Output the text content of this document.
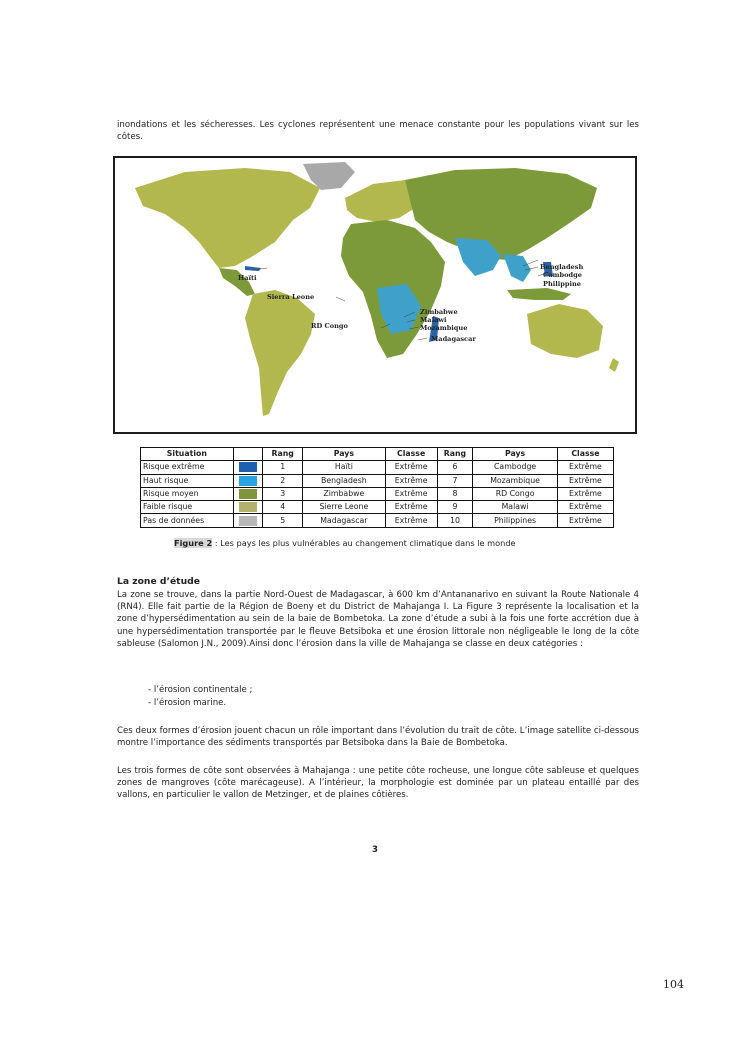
inondations et les sécheresses. Les cyclones représentent une menace constante pour les populations vivant sur les côtes.
Haïti
Sierra Leone
RD Congo
Zimbabwe
Malawi
Mozambique
Madagascar
Bengladesh
Cambodge
Philippine
Situation		Rang	Pays	Classe	Rang	Pays	Classe
Risque extrême		1	Haïti	Extrême	6	Cambodge	Extrême
Haut risque		2	Bengladesh	Extrême	7	Mozambique	Extrême
Risque moyen		3	Zimbabwe	Extrême	8	RD Congo	Extrême
Faible risque		4	Sierre Leone	Extrême	9	Malawi	Extrême
Pas de données		5	Madagascar	Extrême	10	Philippines	Extrême
Figure 2 : Les pays les plus vulnérables au changement climatique dans le monde
La zone d’étude
La zone se trouve, dans la partie Nord-Ouest de Madagascar, à 600 km d’Antananarivo en suivant la Route Nationale 4 (RN4). Elle fait partie de la Région de Boeny et du District de Mahajanga I. La Figure 3 représente la localisation et la zone d’hypersédimentation au sein de la baie de Bombetoka. La zone d’étude a subi à la fois une forte accrétion due à une hypersédimentation transportée par le fleuve Betsiboka et une érosion littorale non négligeable le long de la côte sableuse (Salomon J.N., 2009).Ainsi donc l’érosion dans la ville de Mahajanga se classe en deux catégories :
- l’érosion continentale ;
- l’érosion marine.
Ces deux formes d’érosion jouent chacun un rôle important dans l’évolution du trait de côte. L’image satellite ci-dessous montre l’importance des sédiments transportés par Betsiboka dans la Baie de Bombetoka.
Les trois formes de côte sont observées à Mahajanga : une petite côte rocheuse, une longue côte sableuse et quelques zones de mangroves (côte marécageuse). A l’intérieur, la morphologie est dominée par un plateau entaillé par des vallons, en particulier le vallon de Metzinger, et de plaines côtières.
3
104
